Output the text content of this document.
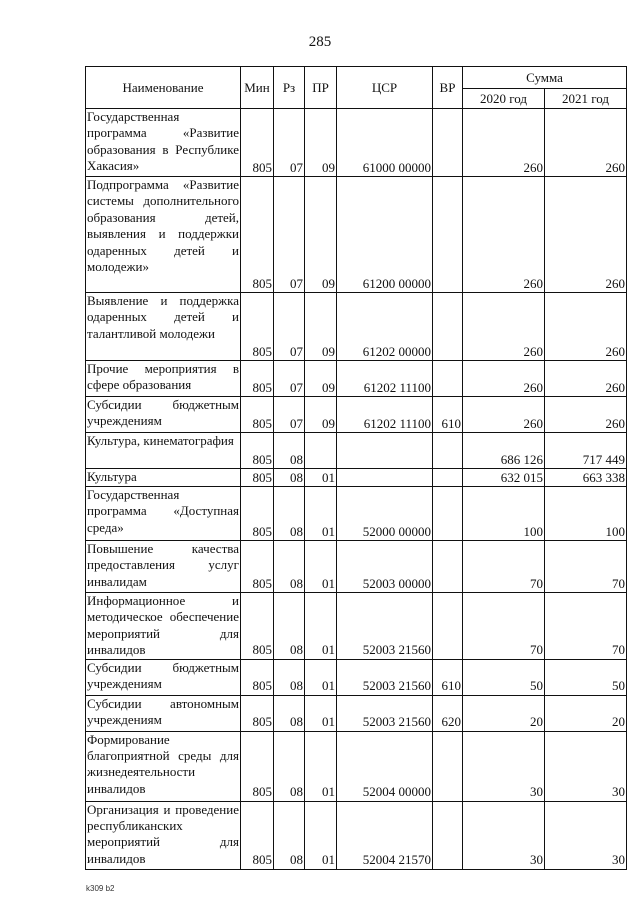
285
Наименование	Мин	Рз	ПР	ЦСР	ВР	Сумма	
						2020 год	2021 год
Государственная программа «Развитие образования в Республике Хакасия»	805	07	09	61000 00000		260	260
Подпрограмма «Развитие системы дополнительного образования детей, выявления и поддержки одаренных детей и молодежи»	805	07	09	61200 00000		260	260
Выявление и поддержка одаренных детей и талантливой молодежи	805	07	09	61202 00000		260	260
Прочие мероприятия в сфере образования	805	07	09	61202 11100		260	260
Субсидии бюджетным учреждениям	805	07	09	61202 11100	610	260	260
Культура, кинематография	805	08				686 126	717 449
Культура	805	08	01			632 015	663 338
Государственная программа «Доступная среда»	805	08	01	52000 00000		100	100
Повышение качества предоставления услуг инвалидам	805	08	01	52003 00000		70	70
Информационное и методическое обеспечение мероприятий для инвалидов	805	08	01	52003 21560		70	70
Субсидии бюджетным учреждениям	805	08	01	52003 21560	610	50	50
Субсидии автономным учреждениям	805	08	01	52003 21560	620	20	20
Формирование благоприятной среды для жизнедеятельности инвалидов	805	08	01	52004 00000		30	30
Организация и проведение республиканских мероприятий для инвалидов	805	08	01	52004 21570		30	30
k309 b2
